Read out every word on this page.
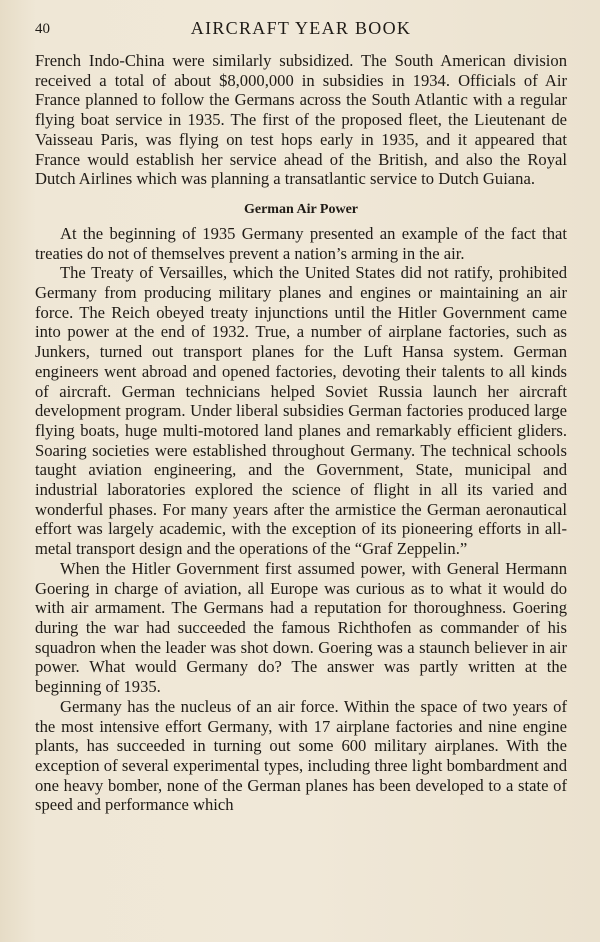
40	AIRCRAFT YEAR BOOK

French Indo-China were similarly subsidized. The South American division received a total of about $8,000,000 in subsidies in 1934. Officials of Air France planned to follow the Germans across the South Atlantic with a regular flying boat service in 1935. The first of the proposed fleet, the Lieutenant de Vaisseau Paris, was flying on test hops early in 1935, and it appeared that France would establish her service ahead of the British, and also the Royal Dutch Airlines which was planning a transatlantic service to Dutch Guiana.

German Air Power

At the beginning of 1935 Germany presented an example of the fact that treaties do not of themselves prevent a nation’s arming in the air.

The Treaty of Versailles, which the United States did not ratify, prohibited Germany from producing military planes and engines or maintaining an air force. The Reich obeyed treaty injunctions until the Hitler Government came into power at the end of 1932. True, a number of airplane factories, such as Junkers, turned out transport planes for the Luft Hansa system. German engineers went abroad and opened factories, devoting their talents to all kinds of aircraft. German technicians helped Soviet Russia launch her aircraft development program. Under liberal subsidies German factories produced large flying boats, huge multi-motored land planes and remarkably efficient gliders. Soaring societies were established throughout Germany. The technical schools taught aviation engineering, and the Government, State, municipal and industrial laboratories explored the science of flight in all its varied and wonderful phases. For many years after the armistice the German aeronautical effort was largely academic, with the exception of its pioneering efforts in all-metal transport design and the operations of the “Graf Zeppelin.”

When the Hitler Government first assumed power, with General Hermann Goering in charge of aviation, all Europe was curious as to what it would do with air armament. The Germans had a reputation for thoroughness. Goering during the war had succeeded the famous Richthofen as commander of his squadron when the leader was shot down. Goering was a staunch believer in air power. What would Germany do? The answer was partly written at the beginning of 1935.

Germany has the nucleus of an air force. Within the space of two years of the most intensive effort Germany, with 17 airplane factories and nine engine plants, has succeeded in turning out some 600 military airplanes. With the exception of several experimental types, including three light bombardment and one heavy bomber, none of the German planes has been developed to a state of speed and performance which
